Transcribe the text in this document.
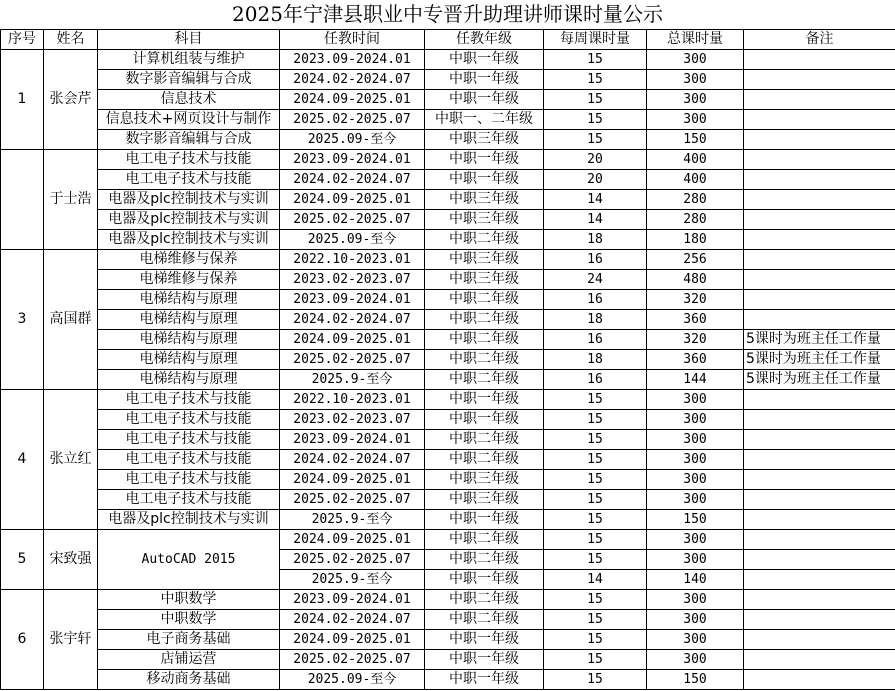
2025年宁津县职业中专晋升助理讲师课时量公示
序号	姓名	科目	任教时间	任教年级	每周课时量	总课时量	备注
1	张会芹	计算机组装与维护	2023.09-2024.01	中职一年级	15	300	
		数字影音编辑与合成	2024.02-2024.07	中职一年级	15	300	
		信息技术	2024.09-2025.01	中职一年级	15	300	
		信息技术+网页设计与制作	2025.02-2025.07	中职一、二年级	15	300	
		数字影音编辑与合成	2025.09-至今	中职三年级	15	150	
	于士浩	电工电子技术与技能	2023.09-2024.01	中职一年级	20	400	
		电工电子技术与技能	2024.02-2024.07	中职一年级	20	400	
		电器及plc控制技术与实训	2024.09-2025.01	中职三年级	14	280	
		电器及plc控制技术与实训	2025.02-2025.07	中职三年级	14	280	
		电器及plc控制技术与实训	2025.09-至今	中职二年级	18	180	
3	高国群	电梯维修与保养	2022.10-2023.01	中职三年级	16	256	
		电梯维修与保养	2023.02-2023.07	中职三年级	24	480	
		电梯结构与原理	2023.09-2024.01	中职二年级	16	320	
		电梯结构与原理	2024.02-2024.07	中职二年级	18	360	
		电梯结构与原理	2024.09-2025.01	中职二年级	16	320	5课时为班主任工作量
		电梯结构与原理	2025.02-2025.07	中职二年级	18	360	5课时为班主任工作量
		电梯结构与原理	2025.9-至今	中职二年级	16	144	5课时为班主任工作量
4	张立红	电工电子技术与技能	2022.10-2023.01	中职一年级	15	300	
		电工电子技术与技能	2023.02-2023.07	中职一年级	15	300	
		电工电子技术与技能	2023.09-2024.01	中职二年级	15	300	
		电工电子技术与技能	2024.02-2024.07	中职二年级	15	300	
		电工电子技术与技能	2024.09-2025.01	中职三年级	15	300	
		电工电子技术与技能	2025.02-2025.07	中职三年级	15	300	
		电器及plc控制技术与实训	2025.9-至今	中职一年级	15	150	
5	宋致强	AutoCAD 2015	2024.09-2025.01	中职二年级	15	300	
			2025.02-2025.07	中职二年级	15	300	
			2025.9-至今	中职一年级	14	140	
6	张宇轩	中职数学	2023.09-2024.01	中职二年级	15	300	
		中职数学	2024.02-2024.07	中职二年级	15	300	
		电子商务基础	2024.09-2025.01	中职一年级	15	300	
		店铺运营	2025.02-2025.07	中职一年级	15	300	
		移动商务基础	2025.09-至今	中职一年级	15	150	
